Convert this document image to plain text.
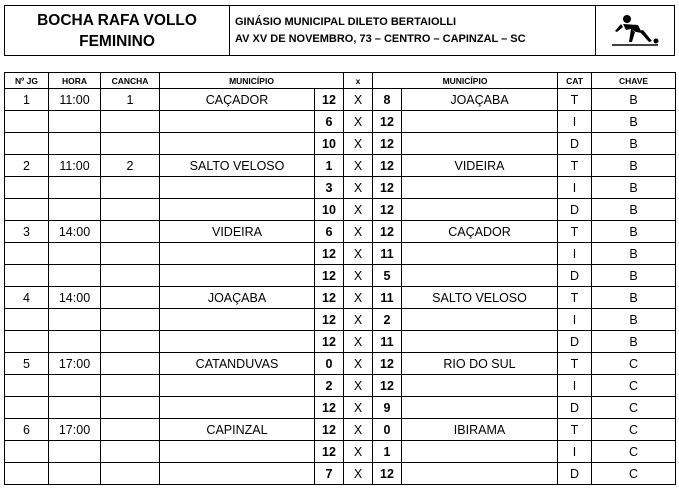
BOCHA RAFA VOLLO
FEMININO
GINÁSIO MUNICIPAL DILETO BERTAIOLLI
AV XV DE NOVEMBRO, 73 – CENTRO – CAPINZAL – SC
Nº JG	HORA	CANCHA	MUNICÍPIO		x	MUNICÍPIO		CAT	CHAVE
1	11:00	1	CAÇADOR	12	X	8	JOAÇABA	T	B
				6	X	12		I	B
				10	X	12		D	B
2	11:00	2	SALTO VELOSO	1	X	12	VIDEIRA	T	B
				3	X	12		I	B
				10	X	12		D	B
3	14:00		VIDEIRA	6	X	12	CAÇADOR	T	B
				12	X	11		I	B
				12	X	5		D	B
4	14:00		JOAÇABA	12	X	11	SALTO VELOSO	T	B
				12	X	2		I	B
				12	X	11		D	B
5	17:00		CATANDUVAS	0	X	12	RIO DO SUL	T	C
				2	X	12		I	C
				12	X	9		D	C
6	17:00		CAPINZAL	12	X	0	IBIRAMA	T	C
				12	X	1		I	C
				7	X	12		D	C
